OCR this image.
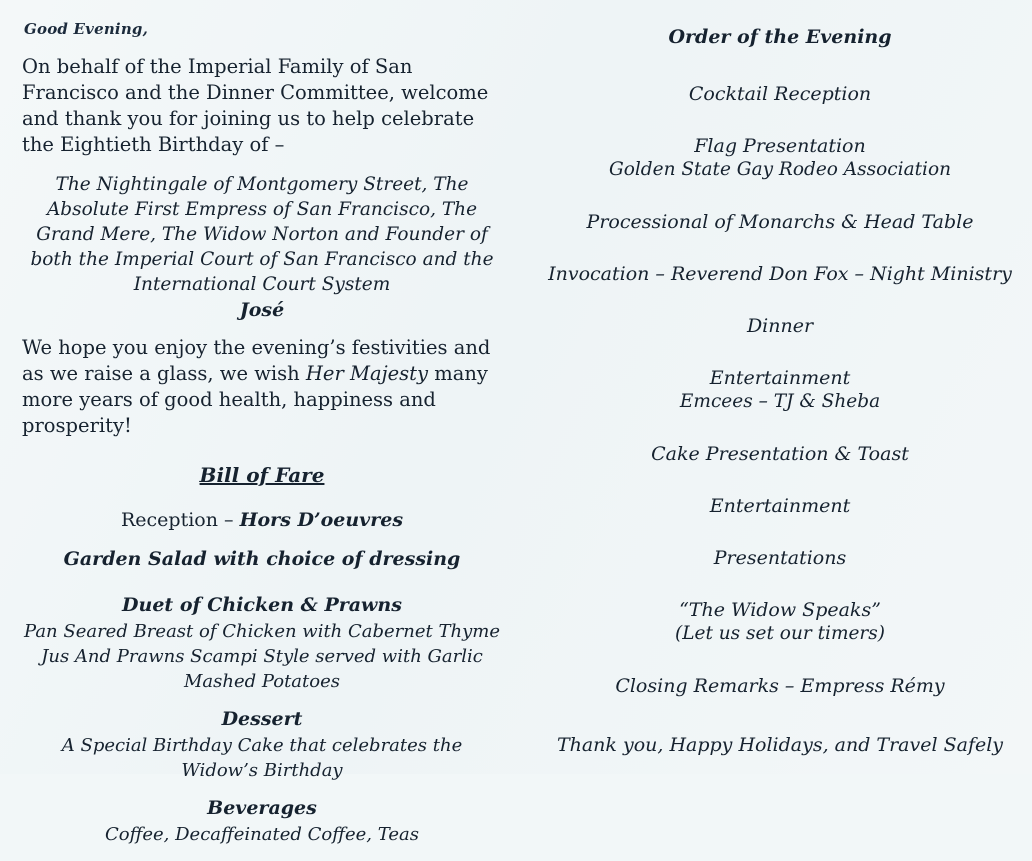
Good Evening,

On behalf of the Imperial Family of San Francisco and the Dinner Committee, welcome and thank you for joining us to help celebrate the Eightieth Birthday of –

The Nightingale of Montgomery Street, The Absolute First Empress of San Francisco, The Grand Mere, The Widow Norton and Founder of both the Imperial Court of San Francisco and the International Court System

José

We hope you enjoy the evening’s festivities and as we raise a glass, we wish Her Majesty many more years of good health, happiness and prosperity!

Bill of Fare

Reception – Hors D’oeuvres

Garden Salad with choice of dressing

Duet of Chicken & Prawns

Pan Seared Breast of Chicken with Cabernet Thyme Jus And Prawns Scampi Style served with Garlic Mashed Potatoes

Dessert

A Special Birthday Cake that celebrates the Widow’s Birthday

Beverages

Coffee, Decaffeinated Coffee, Teas

Order of the Evening
Cocktail Reception
Flag Presentation
Golden State Gay Rodeo Association
Processional of Monarchs & Head Table
Invocation – Reverend Don Fox – Night Ministry
Dinner
Entertainment
Emcees – TJ & Sheba
Cake Presentation & Toast
Entertainment
Presentations
“The Widow Speaks”
(Let us set our timers)
Closing Remarks – Empress Rémy
Thank you, Happy Holidays, and Travel Safely
